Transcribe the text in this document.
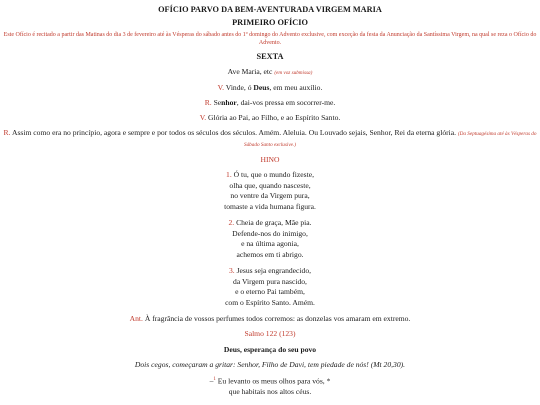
OFÍCIO PARVO DA BEM-AVENTURADA VIRGEM MARIA
PRIMEIRO OFÍCIO
Este Ofício é recitado a partir das Matinas do dia 3 de fevereiro até às Vésperas do sábado antes do 1º domingo do Advento exclusive, com exceção da festa da Anunciação da Santíssima Virgem, na qual se reza o Ofício do Advento.
SEXTA
Ave Maria, etc (em voz submissa)
V. Vinde, ó Deus, em meu auxílio.
R. Senhor, dai-vos pressa em socorrer-me.
V. Glória ao Pai, ao Filho, e ao Espírito Santo.
R. Assim como era no princípio, agora e sempre e por todos os séculos dos séculos. Amém. Aleluia. Ou Louvado sejais, Senhor, Rei da eterna glória. (Da Septuagésima até às Vésperas do Sábado Santo exclusive.)
HINO
1. Ó tu, que o mundo fizeste,
olha que, quando nasceste,
no ventre da Virgem pura,
tomaste a vida humana figura.
2. Cheia de graça, Mãe pia.
Defende-nos do inimigo,
e na última agonia,
achemos em ti abrigo.
3. Jesus seja engrandecido,
da Virgem pura nascido,
e o eterno Pai também,
com o Espírito Santo. Amém.
Ant. À fragrância de vossos perfumes todos corremos: as donzelas vos amaram em extremo.
Salmo 122 (123)
Deus, esperança do seu povo
Dois cegos, começaram a gritar: Senhor, Filho de Davi, tem piedade de nós! (Mt 20,30).
–$^1$ Eu levanto os meus olhos para vós, *
que habitais nos altos céus.
